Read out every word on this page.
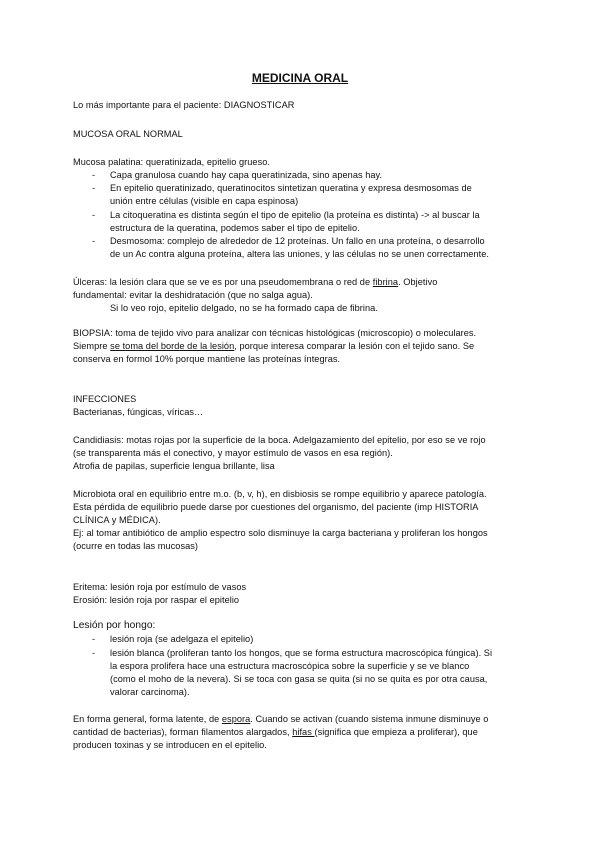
MEDICINA ORAL
Lo más importante para el paciente: DIAGNOSTICAR
MUCOSA ORAL NORMAL
Mucosa palatina: queratinizada, epitelio grueso.
- Capa granulosa cuando hay capa queratinizada, sino apenas hay.
- En epitelio queratinizado, queratinocitos sintetizan queratina y expresa desmosomas de
unión entre células (visible en capa espinosa)
- La citoqueratina es distinta según el tipo de epitelio (la proteína es distinta) -> al buscar la
estructura de la queratina, podemos saber el tipo de epitelio.
- Desmosoma: complejo de alrededor de 12 proteínas. Un fallo en una proteína, o desarrollo
de un Ac contra alguna proteína, altera las uniones, y las células no se unen correctamente.
Úlceras: la lesión clara que se ve es por una pseudomembrana o red de fibrina. Objetivo
fundamental: evitar la deshidratación (que no salga agua).
Si lo veo rojo, epitelio delgado, no se ha formado capa de fibrina.
BIOPSIA: toma de tejido vivo para analizar con técnicas histológicas (microscopio) o moleculares.
Siempre se toma del borde de la lesión, porque interesa comparar la lesión con el tejido sano. Se
conserva en formol 10% porque mantiene las proteínas íntegras.
INFECCIONES
Bacterianas, fúngicas, víricas…
Candidiasis: motas rojas por la superficie de la boca. Adelgazamiento del epitelio, por eso se ve rojo
(se transparenta más el conectivo, y mayor estímulo de vasos en esa región).
Atrofia de papilas, superficie lengua brillante, lisa
Microbiota oral en equilibrio entre m.o. (b, v, h), en disbiosis se rompe equilibrio y aparece patología.
Esta pérdida de equilibrio puede darse por cuestiones del organismo, del paciente (imp HISTORIA
CLÍNICA y MÉDICA).
Ej: al tomar antibiótico de amplio espectro solo disminuye la carga bacteriana y proliferan los hongos
(ocurre en todas las mucosas)
Eritema: lesión roja por estímulo de vasos
Erosión: lesión roja por raspar el epitelio
Lesión por hongo:
- lesión roja (se adelgaza el epitelio)
- lesión blanca (proliferan tanto los hongos, que se forma estructura macroscópica fúngica). Si
la espora prolifera hace una estructura macroscópica sobre la superficie y se ve blanco
(como el moho de la nevera). Si se toca con gasa se quita (si no se quita es por otra causa,
valorar carcinoma).
En forma general, forma latente, de espora. Cuando se activan (cuando sistema inmune disminuye o
cantidad de bacterias), forman filamentos alargados, hifas (significa que empieza a proliferar), que
producen toxinas y se introducen en el epitelio.
